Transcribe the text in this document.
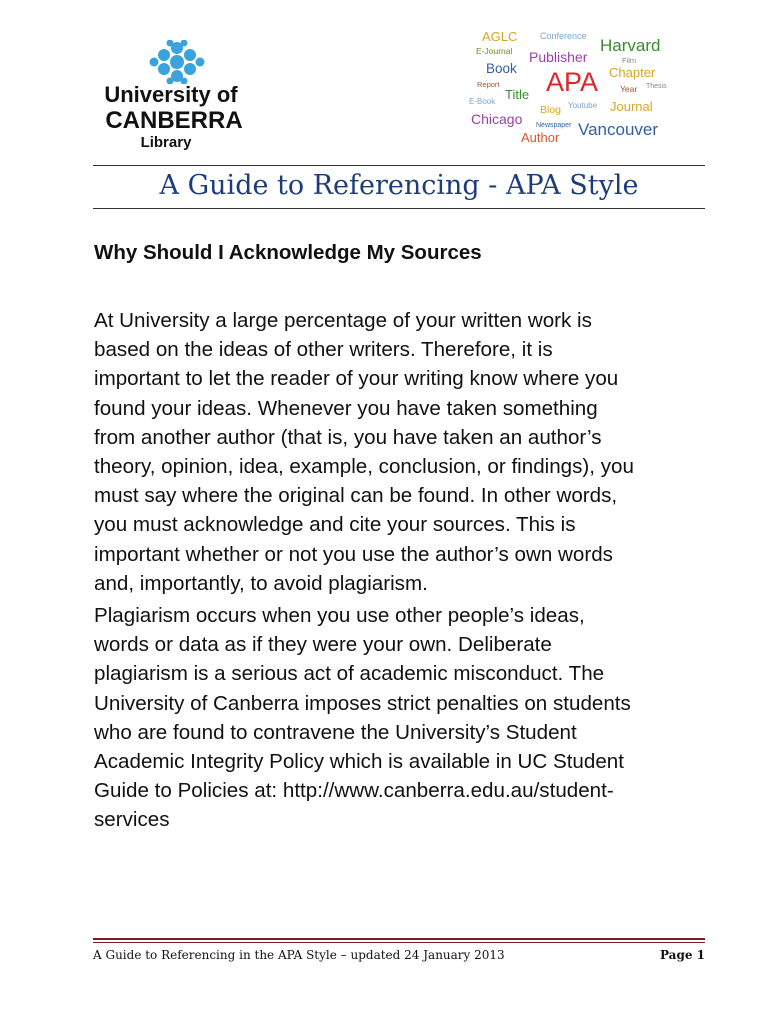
University of
CANBERRA
Library
AGLC	Conference
E-Journal Publisher
Harvard
Book
Film
Report APA Chapter
Thesis
Title	Year
E-Book
Blog Youtube Journal
Chicago Newspaper Vancouver
Author
A Guide to Referencing - APA Style
Why Should I Acknowledge My Sources
At University a large percentage of your written work is
based on the ideas of other writers. Therefore, it is
important to let the reader of your writing know where you
found your ideas. Whenever you have taken something
from another author (that is, you have taken an author’s
theory, opinion, idea, example, conclusion, or findings), you
must say where the original can be found. In other words,
you must acknowledge and cite your sources. This is
important whether or not you use the author’s own words
and, importantly, to avoid plagiarism.
Plagiarism occurs when you use other people’s ideas,
words or data as if they were your own. Deliberate
plagiarism is a serious act of academic misconduct. The
University of Canberra imposes strict penalties on students
who are found to contravene the University’s Student
Academic Integrity Policy which is available in UC Student
Guide to Policies at: http://www.canberra.edu.au/student-
services
A Guide to Referencing in the APA Style – updated 24 January 2013	Page 1
